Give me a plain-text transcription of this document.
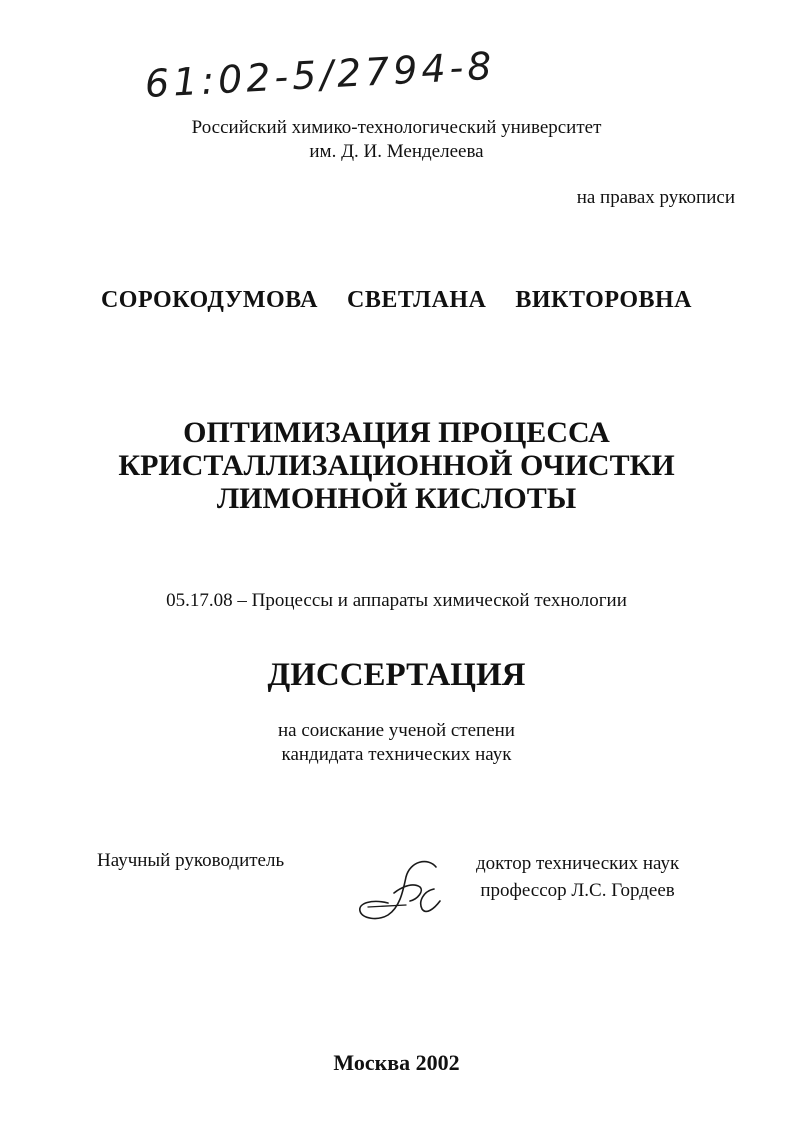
61:02-5/2794-8
Российский химико-технологический университет
им. Д. И. Менделеева
на правах рукописи
СОРОКОДУМОВА  СВЕТЛАНА  ВИКТОРОВНА
ОПТИМИЗАЦИЯ ПРОЦЕССА
КРИСТАЛЛИЗАЦИОННОЙ ОЧИСТКИ
ЛИМОННОЙ КИСЛОТЫ
05.17.08 – Процессы и аппараты химической технологии
ДИССЕРТАЦИЯ
на соискание ученой степени
кандидата технических наук
Научный руководитель	доктор технических наук
профессор Л.С. Гордеев
Москва 2002
